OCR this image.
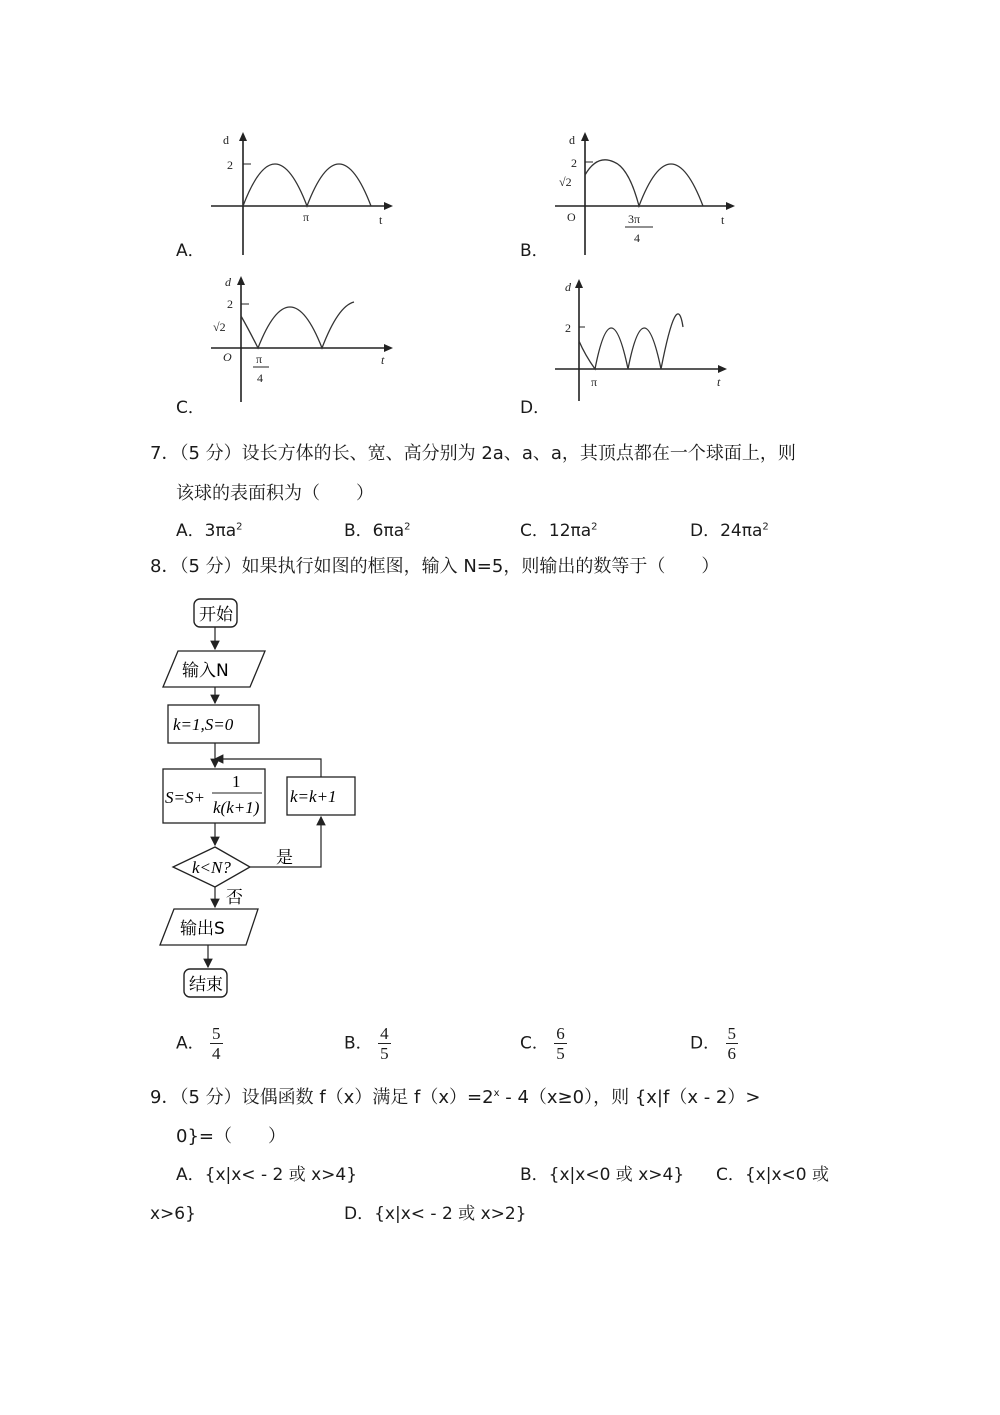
A．
d
2
π	t
B．
d
2
√2
O	3π
4
t
C．
d
2
√2
O π
4
t
D．
d
2
π	t
7．（5 分）设长方体的长、宽、高分别为 2a、a、a，其顶点都在一个球面上，则
该球的表面积为（　　）
A．$3\pi a^2$	B．$6\pi a^2$	C．$12\pi a^2$	D．$24\pi a^2$
8．（5 分）如果执行如图的框图，输入 N=5，则输出的数等于（　　）
开始
输入N
k=1,S=0
S=S+
1
k(k+1)
k=k+1
k<N?	是
否
输出S
结束
A． $\frac{5}{4}$	B． $\frac{4}{5}$	C． $\frac{6}{5}$	D． $\frac{5}{6}$
9．（5 分）设偶函数 f（x）满足 $f(x)=2^x - 4(x\ge 0)$，则 {x|f（x - 2）>
0}=（　　）
A．{x|x< - 2 或 x>4}	B．{x|x<0 或 x>4} C．{x|x<0 或
x>6}	D．{x|x< - 2 或 x>2}
